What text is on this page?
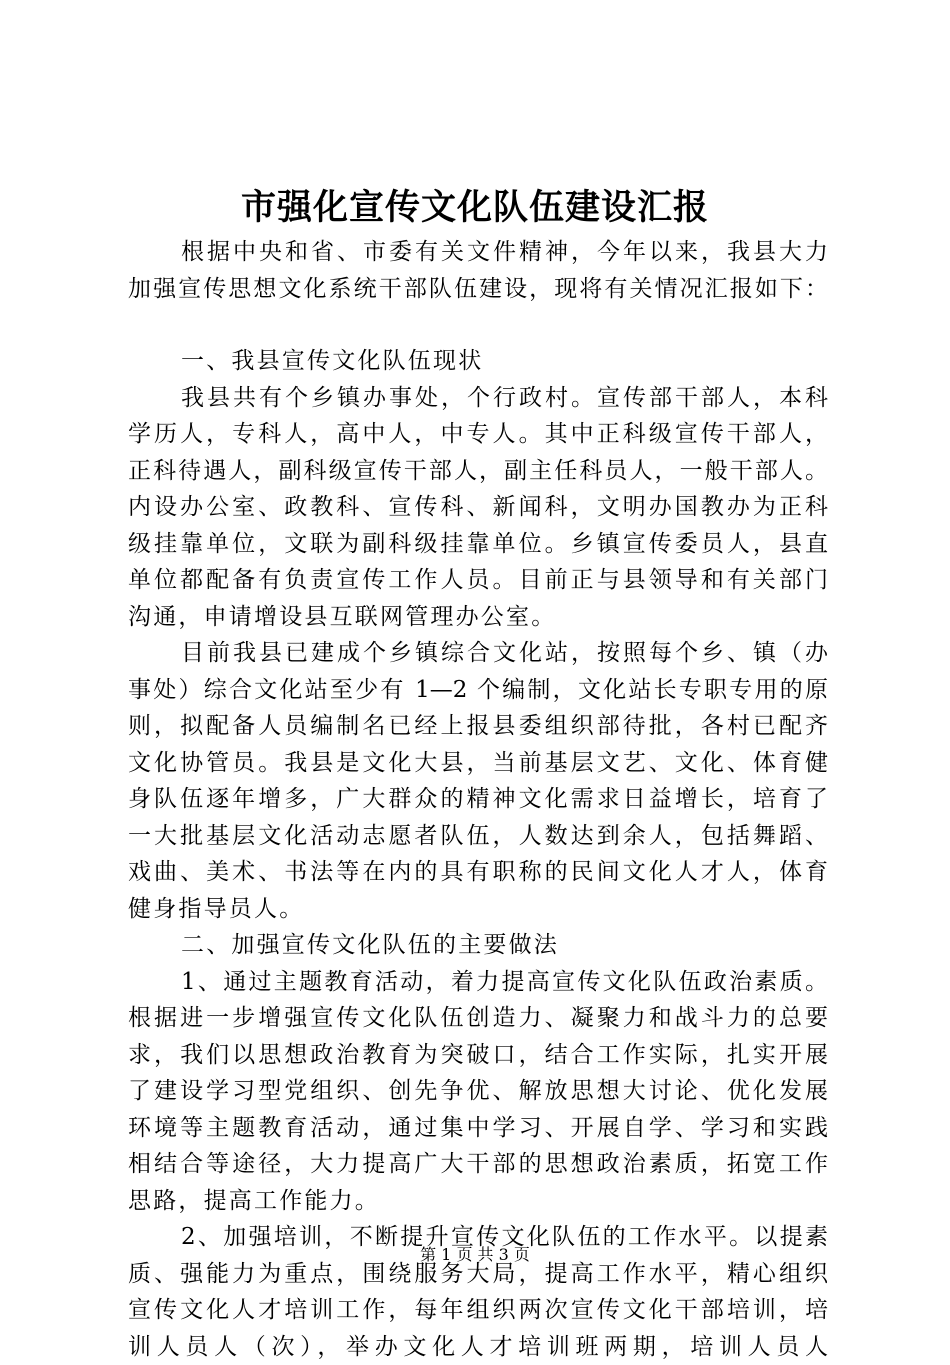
市强化宣传文化队伍建设汇报
根据中央和省、市委有关文件精神，今年以来，我县大力
加强宣传思想文化系统干部队伍建设，现将有关情况汇报如下：
一、我县宣传文化队伍现状
我县共有个乡镇办事处，个行政村。宣传部干部人，本科
学历人，专科人，高中人，中专人。其中正科级宣传干部人，
正科待遇人，副科级宣传干部人，副主任科员人，一般干部人。
内设办公室、政教科、宣传科、新闻科，文明办国教办为正科
级挂靠单位，文联为副科级挂靠单位。乡镇宣传委员人，县直
单位都配备有负责宣传工作人员。目前正与县领导和有关部门
沟通，申请增设县互联网管理办公室。
目前我县已建成个乡镇综合文化站，按照每个乡、镇（办
事处）综合文化站至少有 1—2 个编制，文化站长专职专用的原
则，拟配备人员编制名已经上报县委组织部待批，各村已配齐
文化协管员。我县是文化大县，当前基层文艺、文化、体育健
身队伍逐年增多，广大群众的精神文化需求日益增长，培育了
一大批基层文化活动志愿者队伍，人数达到余人，包括舞蹈、
戏曲、美术、书法等在内的具有职称的民间文化人才人，体育
健身指导员人。
二、加强宣传文化队伍的主要做法
1、通过主题教育活动，着力提高宣传文化队伍政治素质。
根据进一步增强宣传文化队伍创造力、凝聚力和战斗力的总要
求，我们以思想政治教育为突破口，结合工作实际，扎实开展
了建设学习型党组织、创先争优、解放思想大讨论、优化发展
环境等主题教育活动，通过集中学习、开展自学、学习和实践
相结合等途径，大力提高广大干部的思想政治素质，拓宽工作
思路，提高工作能力。
2、加强培训，不断提升宣传文化队伍的工作水平。以提素
质、强能力为重点，围绕服务大局，提高工作水平，精心组织
宣传文化人才培训工作，每年组织两次宣传文化干部培训，培
训人员人（次），举办文化人才培训班两期，培训人员人
第 1 页 共 3 页
